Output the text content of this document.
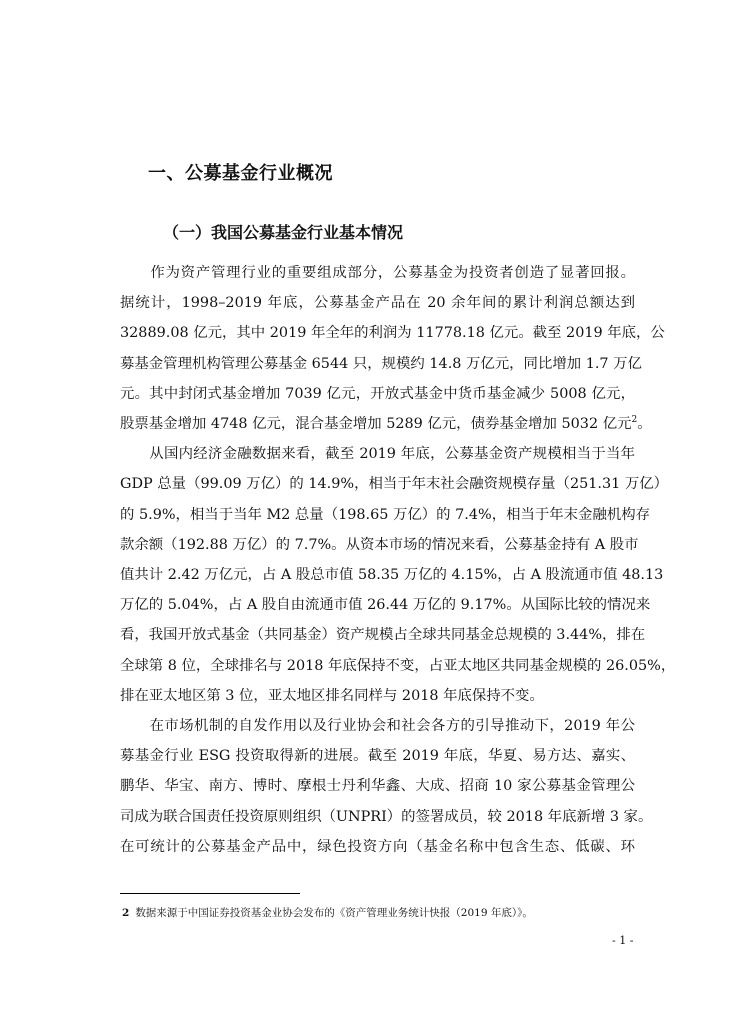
一、公募基金行业概况
（一）我国公募基金行业基本情况
　　作为资产管理行业的重要组成部分，公募基金为投资者创造了显著回报。
据统计，1998–2019 年底，公募基金产品在 20 余年间的累计利润总额达到
32889.08 亿元，其中 2019 年全年的利润为 11778.18 亿元。截至 2019 年底，公
募基金管理机构管理公募基金 6544 只，规模约 14.8 万亿元，同比增加 1.7 万亿
元。其中封闭式基金增加 7039 亿元，开放式基金中货币基金减少 5008 亿元，
股票基金增加 4748 亿元，混合基金增加 5289 亿元，债券基金增加 5032 亿元$^2$。
　　从国内经济金融数据来看，截至 2019 年底，公募基金资产规模相当于当年
GDP 总量（99.09 万亿）的 14.9%，相当于年末社会融资规模存量（251.31 万亿）
的 5.9%，相当于当年 M2 总量（198.65 万亿）的 7.4%，相当于年末金融机构存
款余额（192.88 万亿）的 7.7%。从资本市场的情况来看，公募基金持有 A 股市
值共计 2.42 万亿元，占 A 股总市值 58.35 万亿的 4.15%，占 A 股流通市值 48.13
万亿的 5.04%，占 A 股自由流通市值 26.44 万亿的 9.17%。从国际比较的情况来
看，我国开放式基金（共同基金）资产规模占全球共同基金总规模的 3.44%，排在
全球第 8 位，全球排名与 2018 年底保持不变，占亚太地区共同基金规模的 26.05%，
排在亚太地区第 3 位，亚太地区排名同样与 2018 年底保持不变。
　　在市场机制的自发作用以及行业协会和社会各方的引导推动下，2019 年公
募基金行业 ESG 投资取得新的进展。截至 2019 年底，华夏、易方达、嘉实、
鹏华、华宝、南方、博时、摩根士丹利华鑫、大成、招商 10 家公募基金管理公
司成为联合国责任投资原则组织（UNPRI）的签署成员，较 2018 年底新增 3 家。
在可统计的公募基金产品中，绿色投资方向（基金名称中包含生态、低碳、环
2 数据来源于中国证券投资基金业协会发布的《资产管理业务统计快报（2019 年底）》。
- 1 -
